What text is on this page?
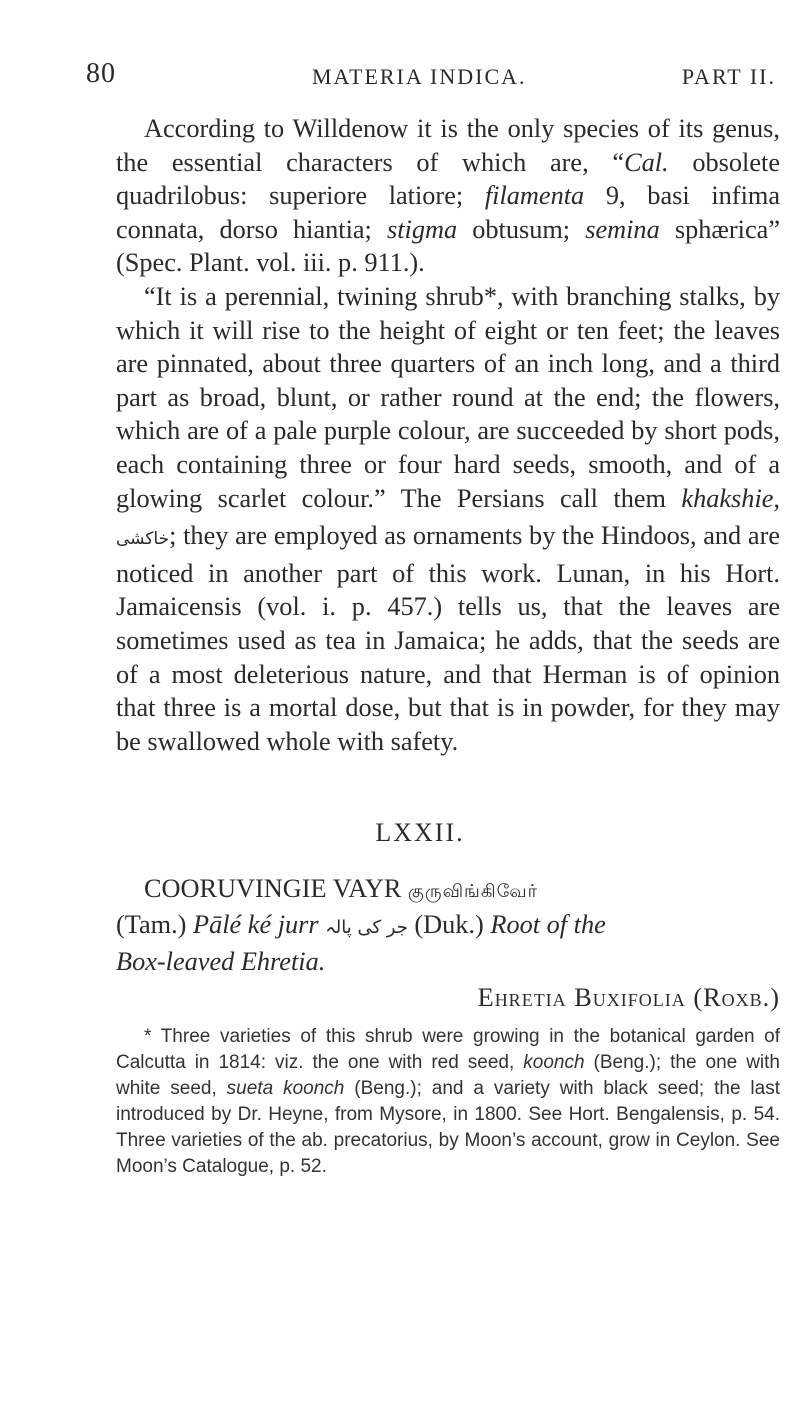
80	MATERIA INDICA.	PART II.

According to Willdenow it is the only species of its genus, the essential characters of which are, “Cal. obsolete quadrilobus: superiore latiore; filamenta 9, basi infima connata, dorso hiantia; stigma obtusum; semina sphærica” (Spec. Plant. vol. iii. p. 911.).

“It is a perennial, twining shrub*, with branching stalks, by which it will rise to the height of eight or ten feet; the leaves are pinnated, about three quarters of an inch long, and a third part as broad, blunt, or rather round at the end; the flowers, which are of a pale purple colour, are succeeded by short pods, each containing three or four hard seeds, smooth, and of a glowing scarlet colour.” The Persians call them khakshie, خاکشی; they are employed as ornaments by the Hindoos, and are noticed in another part of this work. Lunan, in his Hort. Jamaicensis (vol. i. p. 457.) tells us, that the leaves are sometimes used as tea in Jamaica; he adds, that the seeds are of a most deleterious nature, and that Herman is of opinion that three is a mortal dose, but that is in powder, for they may be swallowed whole with safety.

LXXII.
COORUVINGIE VAYR குருவிங்கிவேர்
(Tam.) Pālé ké jurr جر کی پالہ (Duk.) Root of the
Box-leaved Ehretia.
Ehretia Buxifolia (Roxb.)

* Three varieties of this shrub were growing in the botanical garden of Calcutta in 1814: viz. the one with red seed, koonch (Beng.); the one with white seed, sueta koonch (Beng.); and a variety with black seed; the last introduced by Dr. Heyne, from Mysore, in 1800. See Hort. Bengalensis, p. 54. Three varieties of the ab. precatorius, by Moon’s account, grow in Ceylon. See Moon’s Catalogue, p. 52.
